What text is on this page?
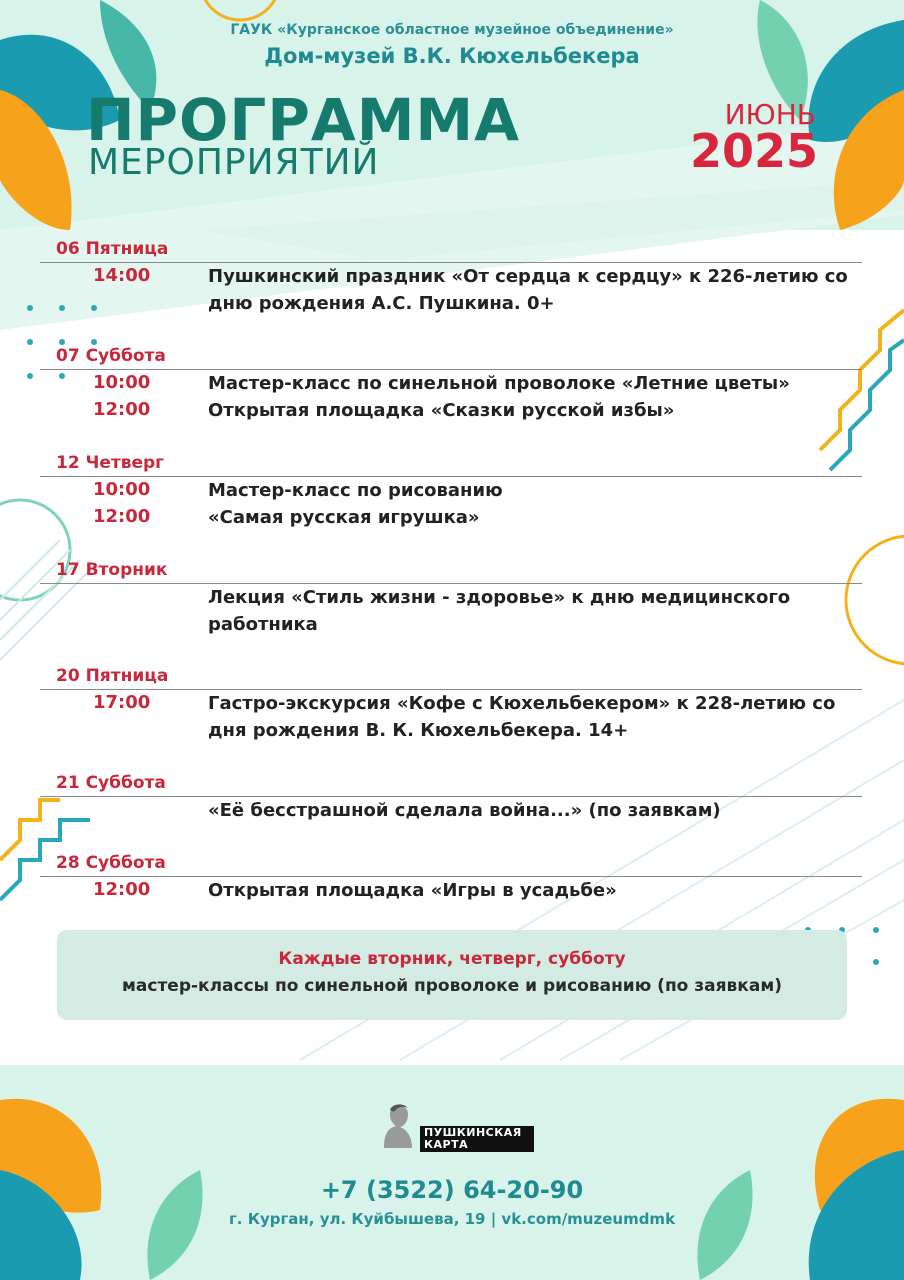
ГАУК «Курганское областное музейное объединение»
Дом-музей В.К. Кюхельбекера
ПРОГРАММА
МЕРОПРИЯТИЙ
ИЮНЬ
2025
06 Пятница
14:00	Пушкинский праздник «От сердца к сердцу» к 226-летию со дню рождения А.С. Пушкина. 0+
07 Суббота
10:00	Мастер-класс по синельной проволоке «Летние цветы»
12:00	Открытая площадка «Сказки русской избы»
12 Четверг
10:00	Мастер-класс по рисованию
12:00	«Самая русская игрушка»
17 Вторник
Лекция «Стиль жизни - здоровье» к дню медицинского работника
20 Пятница
17:00	Гастро-экскурсия «Кофе с Кюхельбекером» к 228-летию со дня рождения В. К. Кюхельбекера. 14+
21 Суббота
«Её бесстрашной сделала война...» (по заявкам)
28 Суббота
12:00	Открытая площадка «Игры в усадьбе»
Каждые вторник, четверг, субботу
мастер-классы по синельной проволоке и рисованию (по заявкам)
ПУШКИНСКАЯ КАРТА
+7 (3522) 64-20-90
г. Курган, ул. Куйбышева, 19 | vk.com/muzeumdmk
